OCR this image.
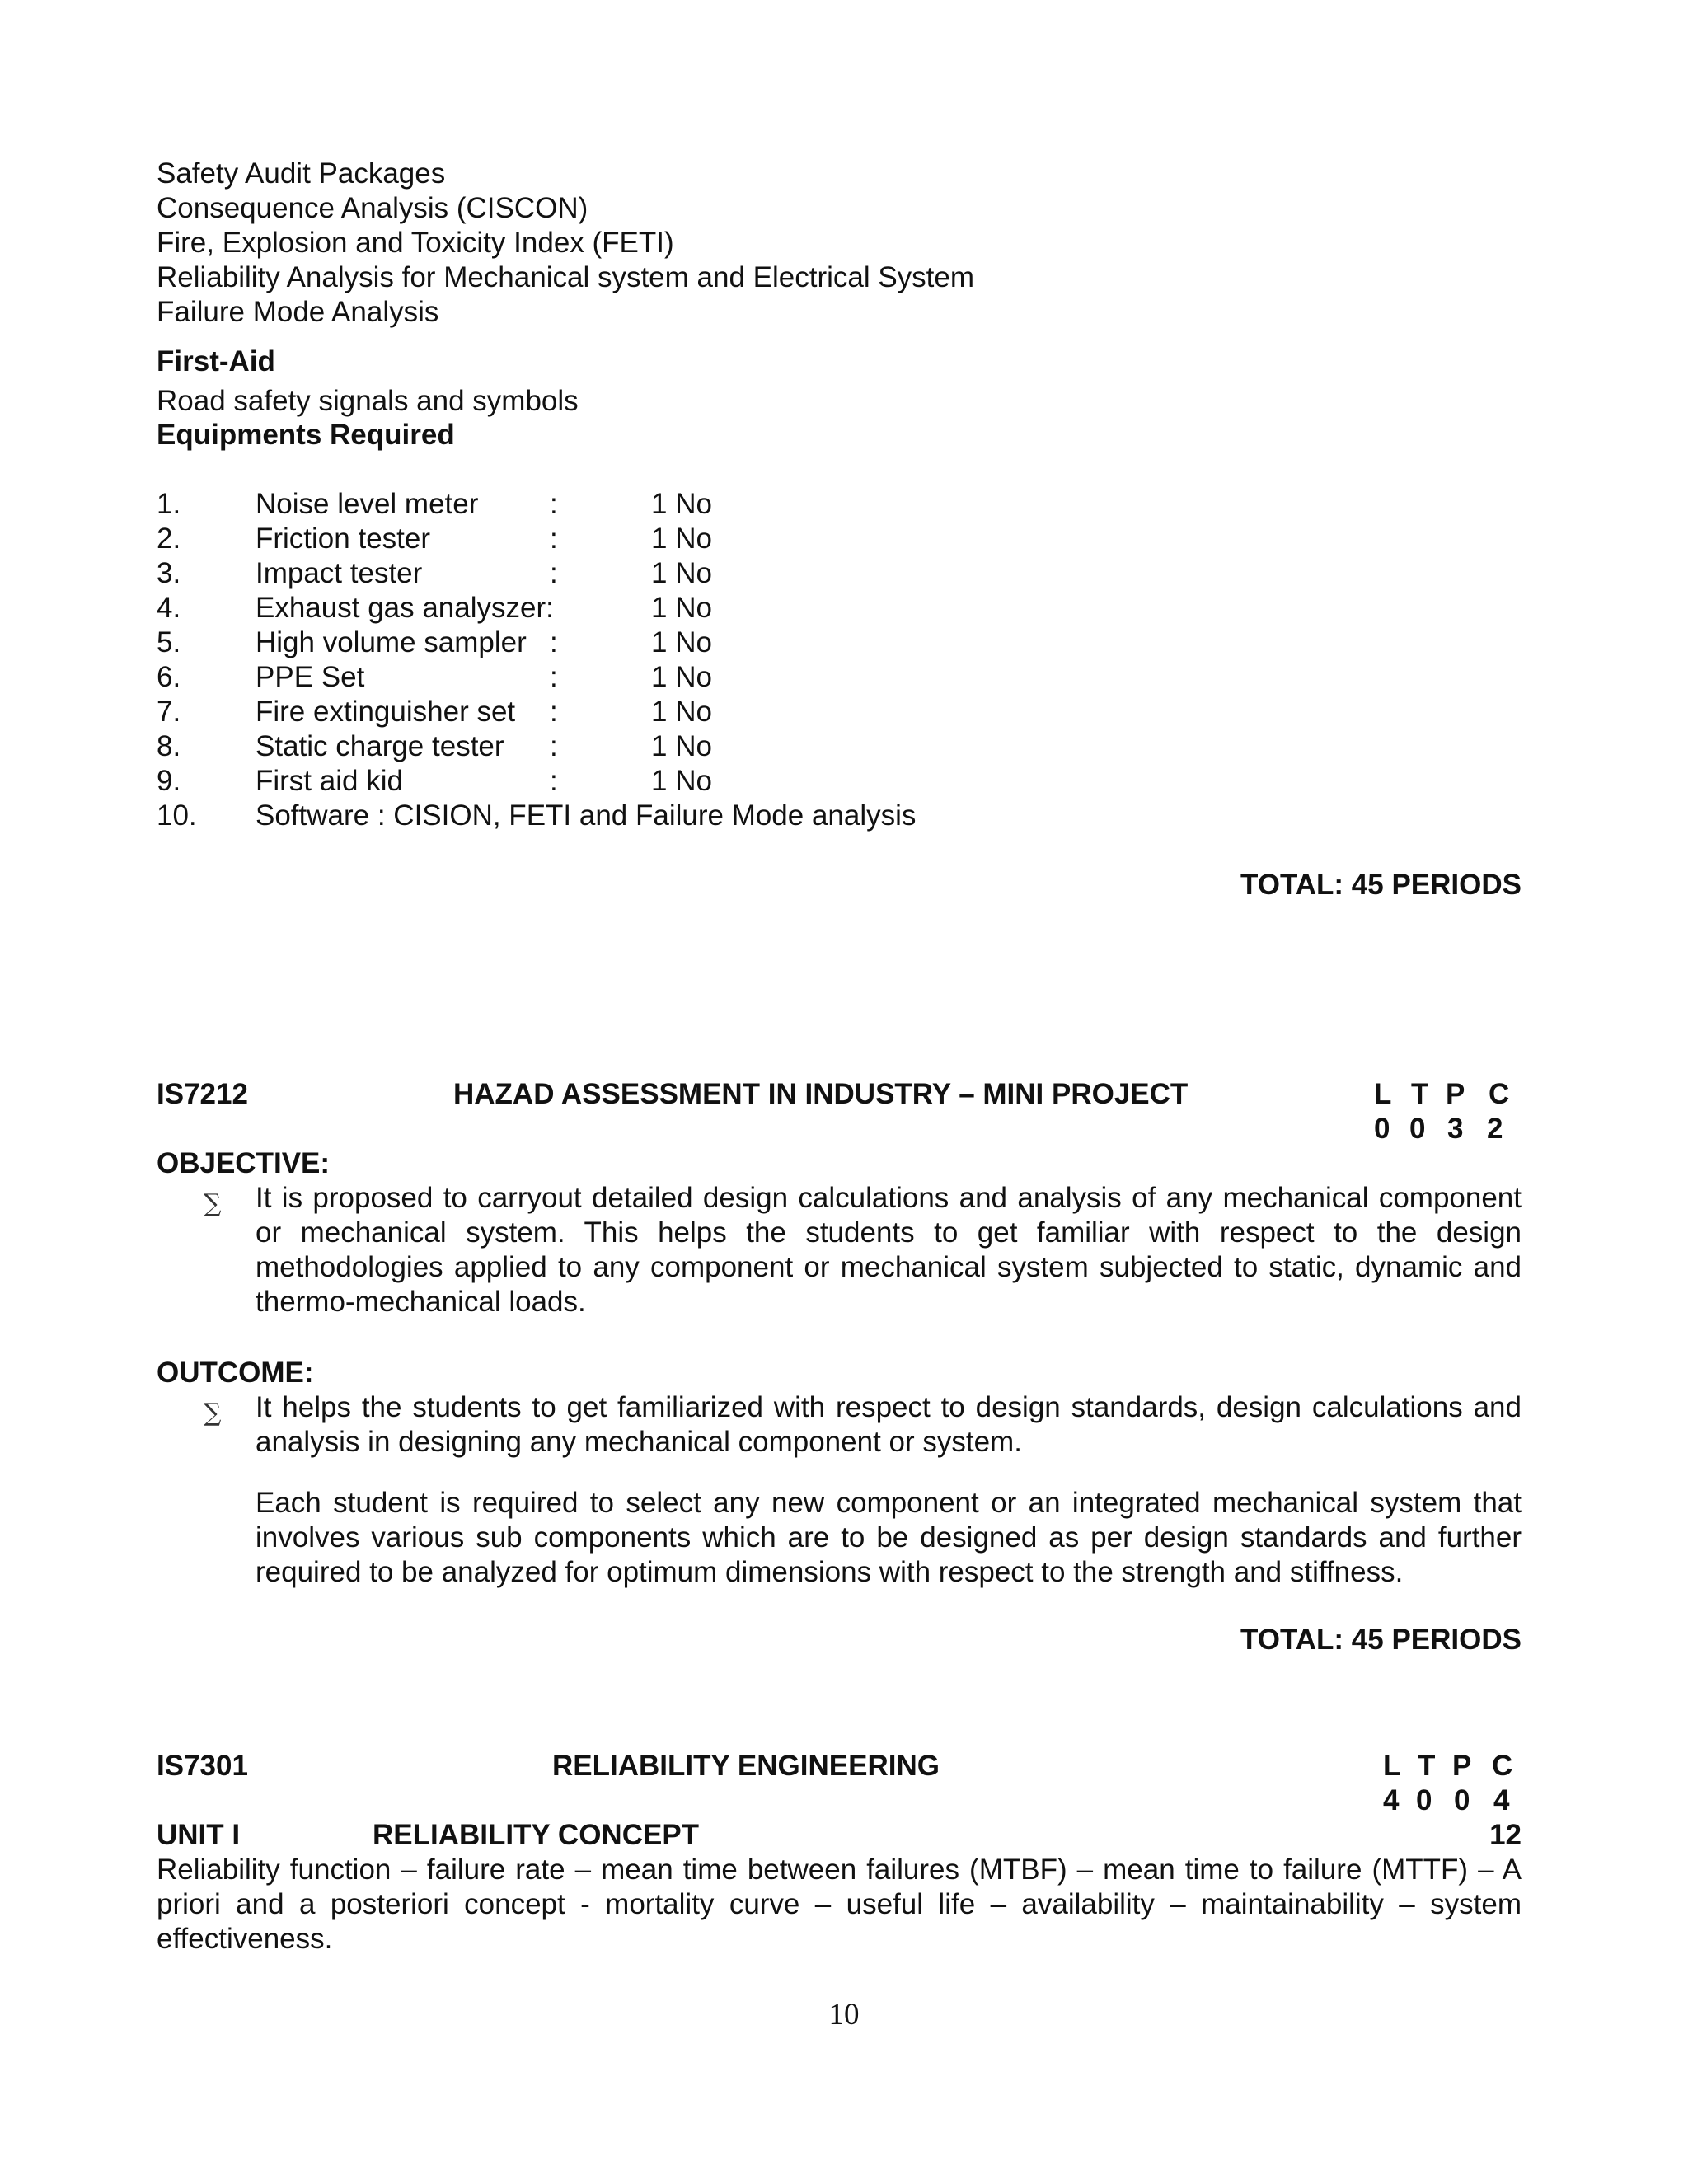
Safety Audit Packages
Consequence Analysis (CISCON)
Fire, Explosion and Toxicity Index (FETI)
Reliability Analysis for Mechanical system and Electrical System
Failure Mode Analysis
First-Aid
Road safety signals and symbols
Equipments Required
1.	Noise level meter :	1 No
2.	Friction tester	:	1 No
3.	Impact tester	:	1 No
4.	Exhaust gas analyszer:	1 No
5.	High volume sampler :	1 No
6.	PPE Set	:	1 No
7.	Fire extinguisher set :	1 No
8.	Static charge tester :	1 No
9.	First aid kid	:	1 No
10. Software : CISION, FETI and Failure Mode analysis
TOTAL: 45 PERIODS
IS7212	HAZAD ASSESSMENT IN INDUSTRY – MINI PROJECT	L T P C
0 0 3 2
OBJECTIVE:
∑ It is proposed to carryout detailed design calculations and analysis of any mechanical component or mechanical system. This helps the students to get familiar with respect to the design methodologies applied to any component or mechanical system subjected to static, dynamic and thermo-mechanical loads.
OUTCOME:
∑ It helps the students to get familiarized with respect to design standards, design calculations and analysis in designing any mechanical component or system.
Each student is required to select any new component or an integrated mechanical system that involves various sub components which are to be designed as per design standards and further required to be analyzed for optimum dimensions with respect to the strength and stiffness.
TOTAL: 45 PERIODS
IS7301	RELIABILITY ENGINEERING	L T P C
4 0 0 4
UNIT I	RELIABILITY CONCEPT	12
Reliability function – failure rate – mean time between failures (MTBF) – mean time to failure (MTTF) – A priori and a posteriori concept - mortality curve – useful life – availability – maintainability – system effectiveness.
10
